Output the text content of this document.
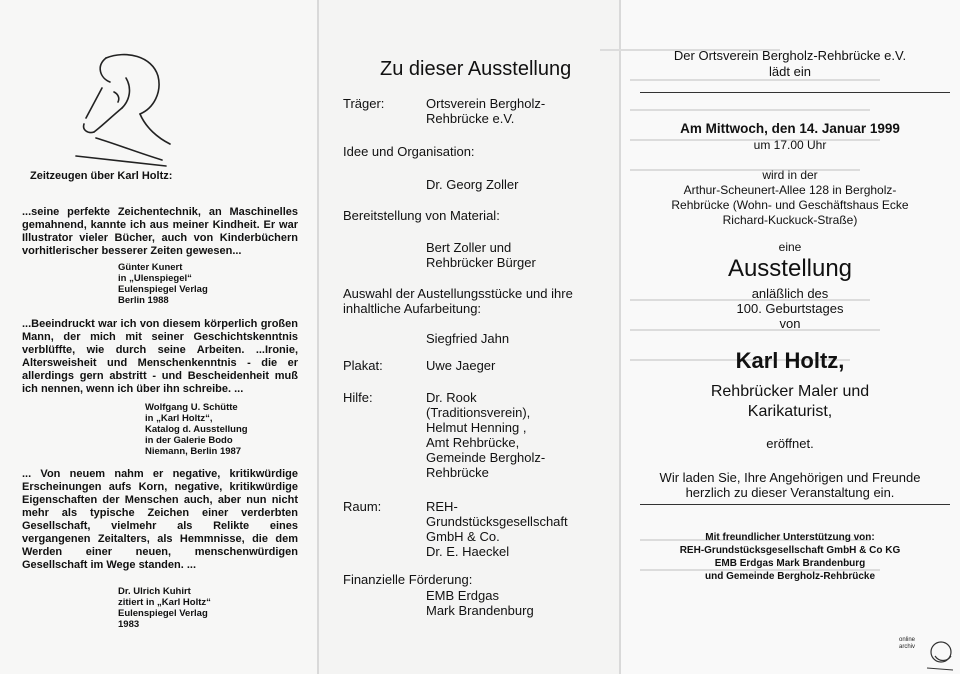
Zeitzeugen über Karl Holtz:
...seine perfekte Zeichentechnik, an Maschinelles gemahnend, kannte ich aus meiner Kindheit. Er war Illustrator vieler Bücher, auch von Kinderbüchern vorhitlerischer besserer Zeiten gewesen...
Günter Kunert
in „Ulenspiegel“
Eulenspiegel Verlag
Berlin 1988
...Beeindruckt war ich von diesem körperlich großen Mann, der mich mit seiner Geschichtskenntnis verblüffte, wie durch seine Arbeiten. ...Ironie, Altersweisheit und Menschenkenntnis - die er allerdings gern abstritt - und Bescheidenheit muß ich nennen, wenn ich über ihn schreibe. ...
Wolfgang U. Schütte
in „Karl Holtz“,
Katalog d. Ausstellung
in der Galerie Bodo
Niemann, Berlin 1987
... Von neuem nahm er negative, kritikwürdige Erscheinungen aufs Korn, negative, kritikwürdige Eigenschaften der Menschen auch, aber nun nicht mehr als typische Zeichen einer verderbten Gesellschaft, vielmehr als Relikte eines vergangenen Zeitalters, als Hemmnisse, die dem Werden einer neuen, menschenwürdigen Gesellschaft im Wege standen. ...
Dr. Ulrich Kuhirt
zitiert in „Karl Holtz“
Eulenspiegel Verlag
1983
Zu dieser Ausstellung
Träger:	Ortsverein Bergholz-
Rehbrücke e.V.
Idee und Organisation:
Dr. Georg Zoller
Bereitstellung von Material:
Bert Zoller und
Rehbrücker Bürger
Auswahl der Austellungsstücke und ihre
inhaltliche Aufarbeitung:
Siegfried Jahn
Plakat:	Uwe Jaeger
Hilfe:	Dr. Rook
(Traditionsverein),
Helmut Henning ,
Amt Rehbrücke,
Gemeinde Bergholz-
Rehbrücke
Raum:	REH-
Grundstücksgesellschaft
GmbH & Co.
Dr. E. Haeckel
Finanzielle Förderung:
EMB Erdgas
Mark Brandenburg
Der Ortsverein Bergholz-Rehbrücke e.V.
lädt ein
Am Mittwoch, den 14. Januar 1999
um 17.00 Uhr
wird in der
Arthur-Scheunert-Allee 128 in Bergholz-
Rehbrücke (Wohn- und Geschäftshaus Ecke
Richard-Kuckuck-Straße)
eine
Ausstellung
anläßlich des
100. Geburtstages
von
Karl Holtz,
Rehbrücker Maler und
Karikaturist,
eröffnet.
Wir laden Sie, Ihre Angehörigen und Freunde
herzlich zu dieser Veranstaltung ein.
Mit freundlicher Unterstützung von:
REH-Grundstücksgesellschaft GmbH & Co KG
EMB Erdgas Mark Brandenburg
und Gemeinde Bergholz-Rehbrücke
online
archiv
